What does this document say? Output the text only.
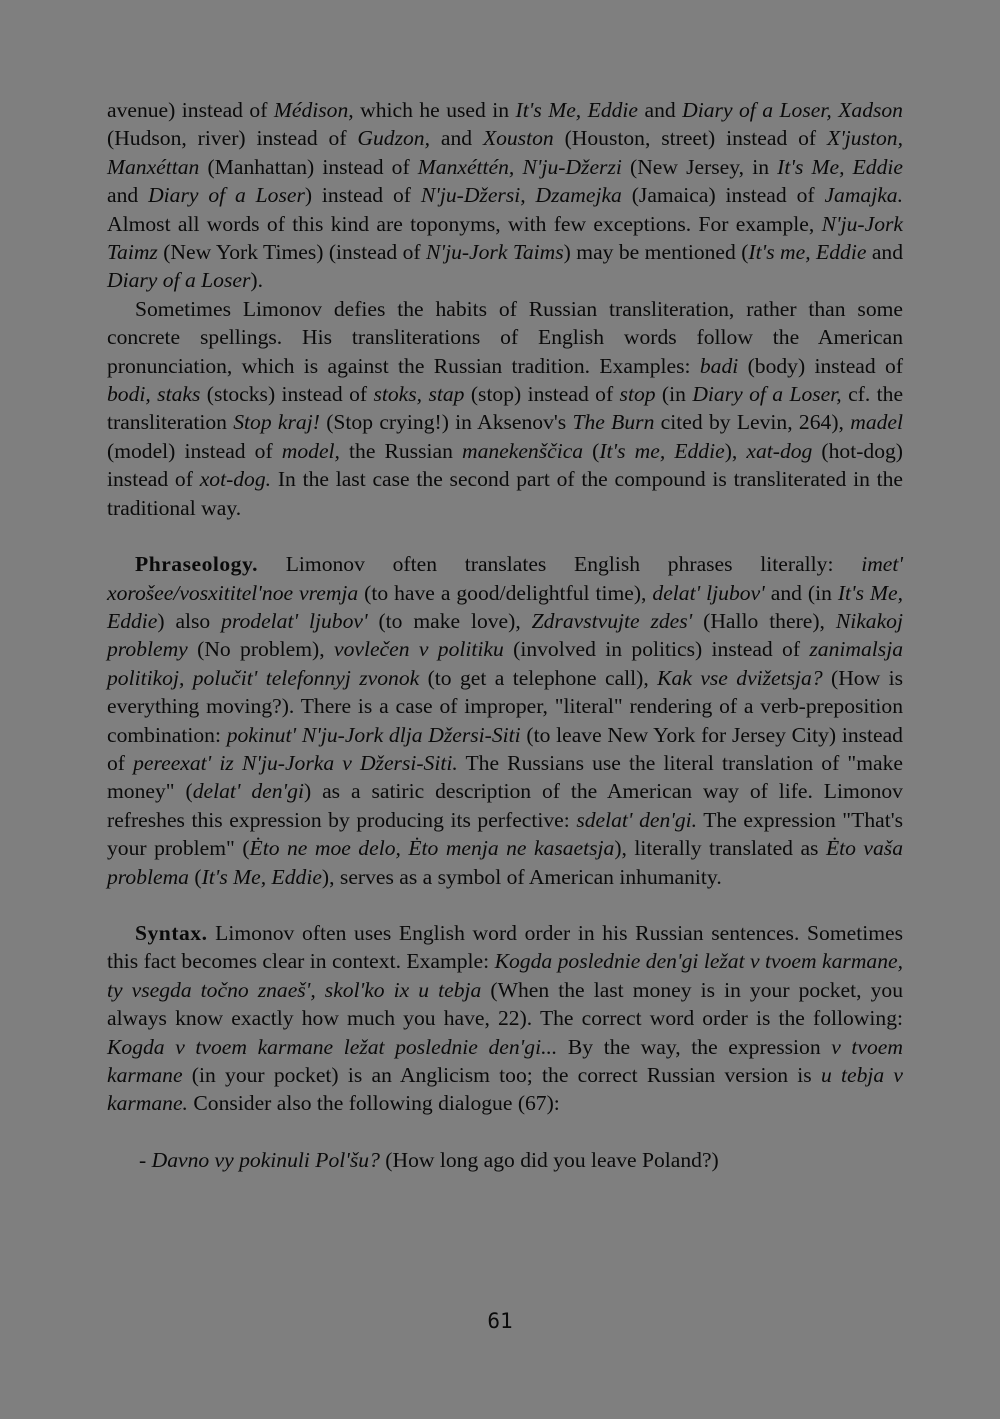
avenue) instead of Médison, which he used in It's Me, Eddie and Diary of a Loser, Xadson (Hudson, river) instead of Gudzon, and Xouston (Houston, street) instead of X'juston, Manxéttan (Manhattan) instead of Manxéttén, N'ju-Džerzi (New Jersey, in It's Me, Eddie and Diary of a Loser) instead of N'ju-Džersi, Dzamejka (Jamaica) instead of Jamajka. Almost all words of this kind are toponyms, with few exceptions. For example, N'ju-Jork Taimz (New York Times) (instead of N'ju-Jork Taims) may be mentioned (It's me, Eddie and Diary of a Loser).

Sometimes Limonov defies the habits of Russian transliteration, rather than some concrete spellings. His transliterations of English words follow the American pronunciation, which is against the Russian tradition. Examples: badi (body) instead of bodi, staks (stocks) instead of stoks, stap (stop) instead of stop (in Diary of a Loser, cf. the transliteration Stop kraj! (Stop crying!) in Aksenov's The Burn cited by Levin, 264), madel (model) instead of model, the Russian manekenščica (It's me, Eddie), xat-dog (hot-dog) instead of xot-dog. In the last case the second part of the compound is transliterated in the traditional way.

Phraseology. Limonov often translates English phrases literally: imet' xorošee/vosxititel'noe vremja (to have a good/delightful time), delat' ljubov' and (in It's Me, Eddie) also prodelat' ljubov' (to make love), Zdravstvujte zdes' (Hallo there), Nikakoj problemy (No problem), vovlečen v politiku (involved in politics) instead of zanimalsja politikoj, polučit' telefonnyj zvonok (to get a telephone call), Kak vse dvižetsja? (How is everything moving?). There is a case of improper, "literal" rendering of a verb-preposition combination: pokinut' N'ju-Jork dlja Džersi-Siti (to leave New York for Jersey City) instead of pereexat' iz N'ju-Jorka v Džersi-Siti. The Russians use the literal translation of "make money" (delat' den'gi) as a satiric description of the American way of life. Limonov refreshes this expression by producing its perfective: sdelat' den'gi. The expression "That's your problem" (Ėto ne moe delo, Ėto menja ne kasaetsja), literally translated as Ėto vaša problema (It's Me, Eddie), serves as a symbol of American inhumanity.

Syntax. Limonov often uses English word order in his Russian sentences. Sometimes this fact becomes clear in context. Example: Kogda poslednie den'gi ležat v tvoem karmane, ty vsegda točno znaeš', skol'ko ix u tebja (When the last money is in your pocket, you always know exactly how much you have, 22). The correct word order is the following: Kogda v tvoem karmane ležat poslednie den'gi... By the way, the expression v tvoem karmane (in your pocket) is an Anglicism too; the correct Russian version is u tebja v karmane. Consider also the following dialogue (67):

- Davno vy pokinuli Pol'šu? (How long ago did you leave Poland?)

61
